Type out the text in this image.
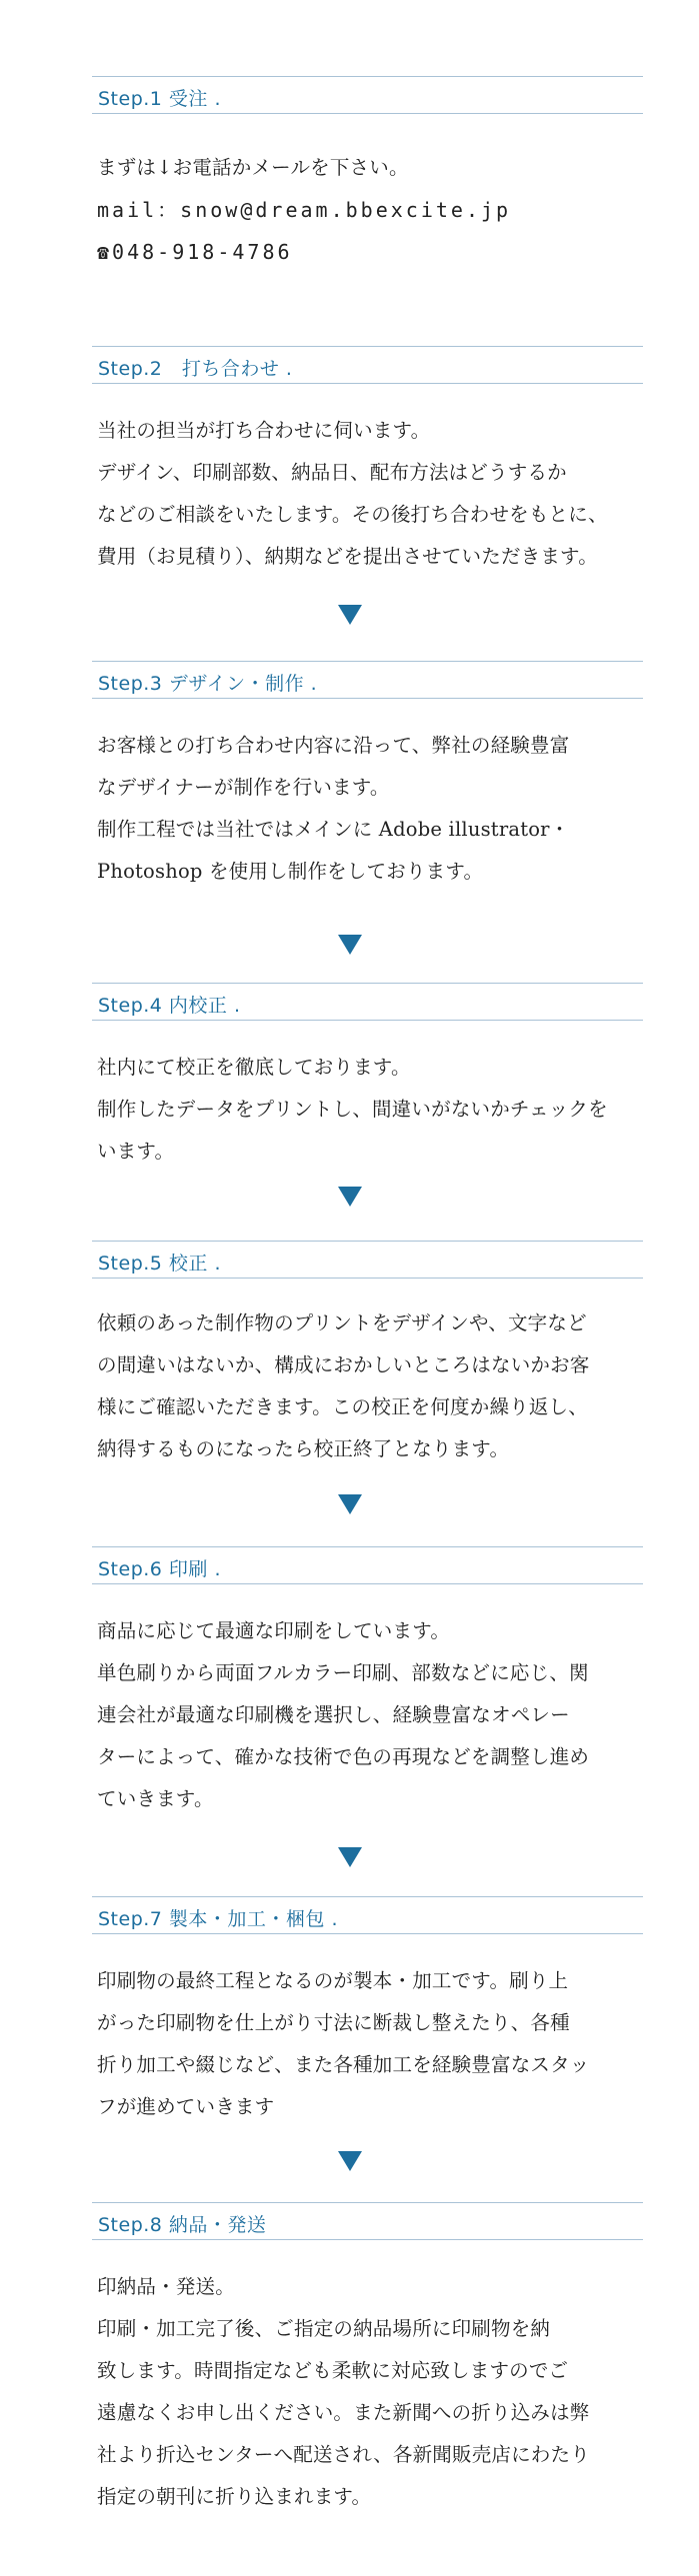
Step.1 受注 .
まずは↓お電話かメールを下さい。
mail：snow@dream.bbexcite.jp
☎048-918-4786
Step.2　打ち合わせ .
当社の担当が打ち合わせに伺います。
デザイン、印刷部数、納品日、配布方法はどうするか
などのご相談をいたします。その後打ち合わせをもとに、
費用（お見積り）、納期などを提出させていただきます。
Step.3 デザイン・制作 .
お客様との打ち合わせ内容に沿って、弊社の経験豊富
なデザイナーが制作を行います。
制作工程では当社ではメインに Adobe illustrator・
Photoshop を使用し制作をしております。
Step.4 内校正 .
社内にて校正を徹底しております。
制作したデータをプリントし、間違いがないかチェックを
います。
Step.5 校正 .
依頼のあった制作物のプリントをデザインや、文字など
の間違いはないか、構成におかしいところはないかお客
様にご確認いただきます。この校正を何度か繰り返し、
納得するものになったら校正終了となります。
Step.6 印刷 .
商品に応じて最適な印刷をしています。
単色刷りから両面フルカラー印刷、部数などに応じ、関
連会社が最適な印刷機を選択し、経験豊富なオペレー
ターによって、確かな技術で色の再現などを調整し進め
ていきます。
Step.7 製本・加工・梱包 .
印刷物の最終工程となるのが製本・加工です。刷り上
がった印刷物を仕上がり寸法に断裁し整えたり、各種
折り加工や綴じなど、また各種加工を経験豊富なスタッ
フが進めていきます
Step.8 納品・発送
印納品・発送。
印刷・加工完了後、ご指定の納品場所に印刷物を納
致します。時間指定なども柔軟に対応致しますのでご
遠慮なくお申し出ください。また新聞への折り込みは弊
社より折込センターへ配送され、各新聞販売店にわたり
指定の朝刊に折り込まれます。
